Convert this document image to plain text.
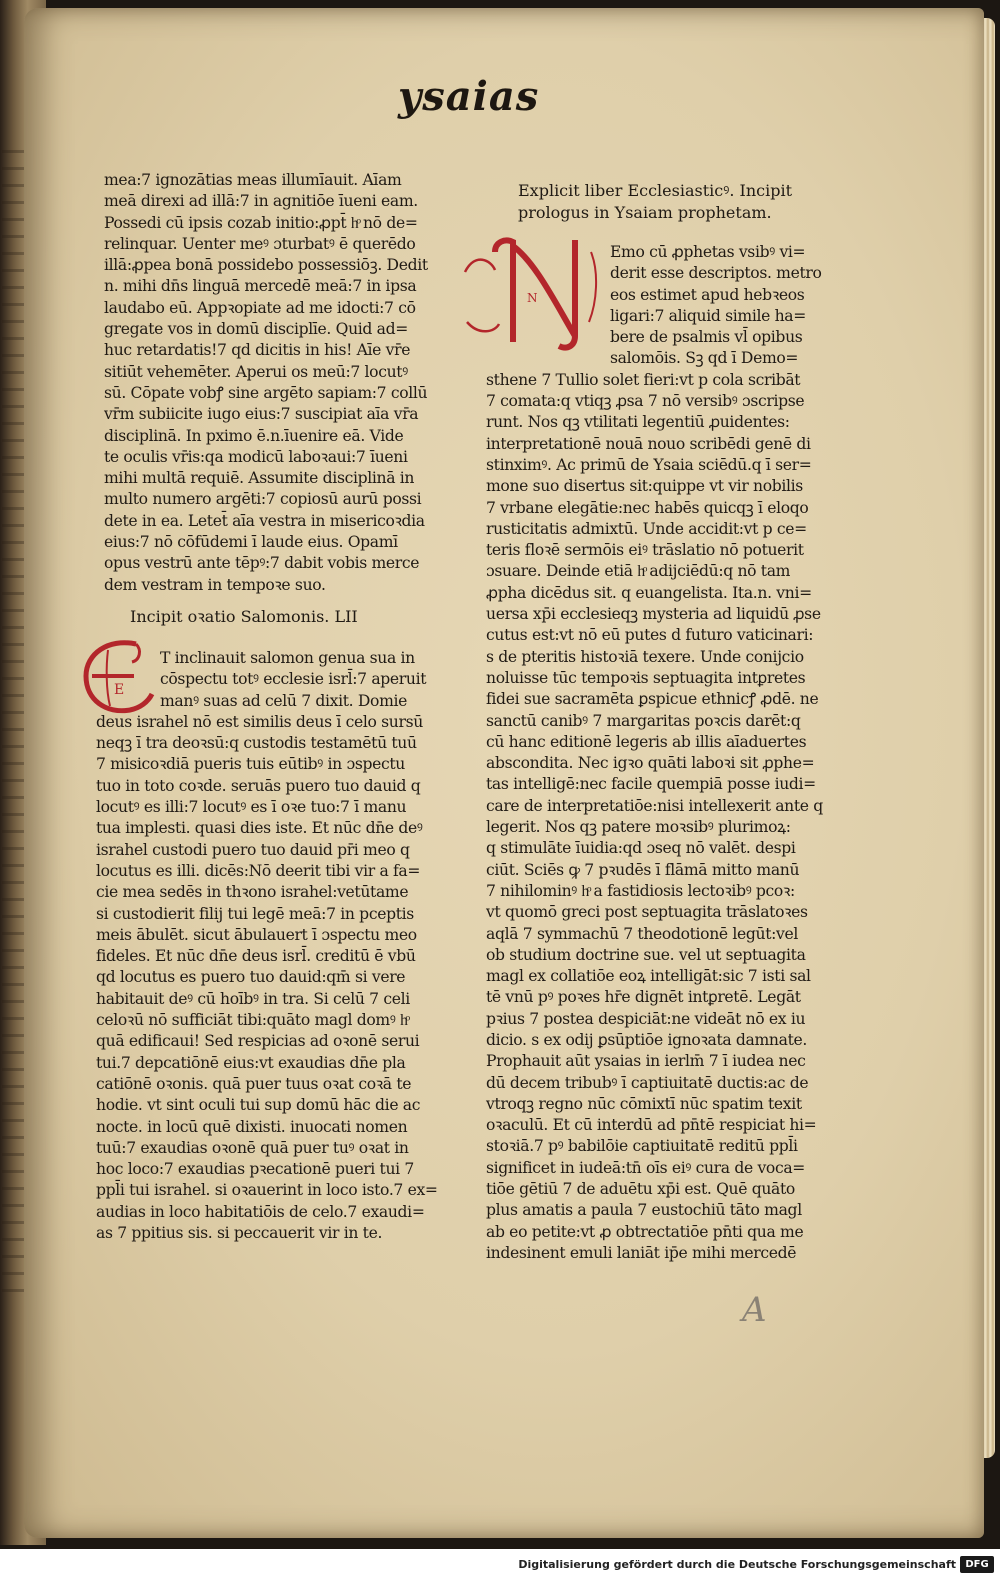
ysaias
mea:7 ignozātias meas illumīauit. Aīam
meā direxi ad illā:7 in agnitiōe īueni eam.
Possedi cū ipsis cozab initio:ꝓpt̄ hͦ nō de=
relinquar. Uenter meꝰ ɔturbatꝰ ē querēdo
illā:ꝓpea bonā possidebo possessiōꝫ. Dedit
n. mihi dn̄s linguā mercedē meā:7 in ipsa
laudabo eū. Appꝛopiate ad me idocti:7 cō
gregate vos in domū disciplīe. Quid ad=
huc retardatis!7 qd dicitis in his! Aīe vr̄e
sitiūt vehemēter. Aperui os meū:7 locutꝰ
sū. Cōpate vobꝭ sine argēto sapiam:7 collū
vr̄m subiicite iugo eius:7 suscipiat aīa vr̄a
disciplinā. In pximo ē.n.īuenire eā. Vide
te oculis vr̄is:qa modicū laboꝛaui:7 īueni
mihi multā requiē. Assumite disciplinā in
multo numero argēti:7 copiosū aurū possi
dete in ea. Letet̄ aīa vestra in misericoꝛdia
eius:7 nō cōfūdemi ī laude eius. Opamī
opus vestrū ante tēpꝰ:7 dabit vobis merce
dem vestram in tempoꝛe suo.
Incipit oꝛatio Salomonis. LII
E
T inclinauit salomon genua sua in
cōspectu totꝰ ecclesie isrl̄:7 aperuit
manꝰ suas ad celū 7 dixit. Domie
deus israhel nō est similis deus ī celo sursū
neqꝫ ī tra deoꝛsū:q custodis testamētū tuū
7 misicoꝛdiā pueris tuis eūtibꝰ in ɔspectu
tuo in toto coꝛde. seruās puero tuo dauid q
locutꝰ es illi:7 locutꝰ es ī oꝛe tuo:7 ī manu
tua implesti. quasi dies iste. Et nūc dn̄e deꝰ
israhel custodi puero tuo dauid pr̄i meo q
locutus es illi. dicēs:Nō deerit tibi vir a fa=
cie mea sedēs in thꝛono israhel:vetūtame
si custodierit filij tui legē meā:7 in pceptis
meis ābulēt. sicut ābulauert ī ɔspectu meo
fideles. Et nūc dn̄e deus isrl̄. creditū ē vbū
qd locutus es puero tuo dauid:qm̄ si vere
habitauit deꝰ cū hoībꝰ in tra. Si celū 7 celi
celoꝛū nō sufficiāt tibi:quāto magl domꝰ hͦ
quā edificaui! Sed respicias ad oꝛonē serui
tui.7 depcatiōnē eius:vt exaudias dn̄e pla
catiōnē oꝛonis. quā puer tuus oꝛat coꝛā te
hodie. vt sint oculi tui sup domū hāc die ac
nocte. in locū quē dixisti. inuocati nomen
tuū:7 exaudias oꝛonē quā puer tuꝰ oꝛat in
hoc loco:7 exaudias pꝛecationē pueri tui 7
ppl̄i tui israhel. si oꝛauerint in loco isto.7 ex=
audias in loco habitatiōis de celo.7 exaudi=
as 7 ppitius sis. si peccauerit vir in te.
Explicit liber Ecclesiasticꝰ. Incipit
prologus in Ysaiam prophetam.
N
Emo cū ꝓphetas vsibꝰ vi=
derit esse descriptos. metro
eos estimet apud hebꝛeos
ligari:7 aliquid simile ha=
bere de psalmis vl̄ opibus
salomōis. Sꝫ qd ī Demo=
sthene 7 Tullio solet fieri:vt p cola scribāt
7 comata:q vtiqꝫ ꝓsa 7 nō versibꝰ ɔscripse
runt. Nos qꝫ vtilitati legentiū ꝓuidentes:
interpretationē nouā nouo scribēdi genē di
stinximꝰ. Ac primū de Ysaia sciēdū.q ī ser=
mone suo disertus sit:quippe vt vir nobilis
7 vrbane elegātie:nec habēs quicqꝫ ī eloqo
rusticitatis admixtū. Unde accidit:vt p ce=
teris floꝛē sermōis eiꝰ trāslatio nō potuerit
ɔsuare. Deinde etiā hͦ adijciēdū:q nō tam
ꝓpha dicēdus sit. q euangelista. Ita.n. vni=
uersa xp̄i ecclesieqꝫ mysteria ad liquidū ꝓse
cutus est:vt nō eū putes d futuro vaticinari:
s de pteritis histoꝛiā texere. Unde conijcio
noluisse tūc tempoꝛis septuagita intꝑretes
fidei sue sacramēta ꝑspicue ethnicꝭ ꝓdē. ne
sanctū canibꝰ 7 margaritas poꝛcis darēt:q
cū hanc editionē legeris ab illis aīaduertes
abscondita. Nec igꝛo quāti laboꝛi sit ꝓphe=
tas intelligē:nec facile quempiā posse iudi=
care de interpretatiōe:nisi intellexerit ante q
legerit. Nos qꝫ patere moꝛsibꝰ plurimoꝝ:
q stimulāte īuidia:qd ɔseq nō valēt. despi
ciūt. Sciēs ꝙ 7 pꝛudēs ī flāmā mitto manū
7 nihilominꝰ hͦ a fastidiosis lectoꝛibꝰ pcoꝛ:
vt quomō greci post septuagita trāslatoꝛes
aqlā 7 symmachū 7 theodotionē legūt:vel
ob studium doctrine sue. vel ut septuagita
magl ex collatiōe eoꝝ intelligāt:sic 7 isti sal
tē vnū pꝰ poꝛes hr̄e dignēt intꝑretē. Legāt
pꝛius 7 postea despiciāt:ne videāt nō ex iu
dicio. s ex odij ꝑsūptiōe ignoꝛata damnate.
Prophauit aūt ysaias in ierlm̄ 7 ī iudea nec
dū decem tribubꝰ ī captiuitatē ductis:ac de
vtroqꝫ regno nūc cōmixtī nūc spatim texit
oꝛaculū. Et cū interdū ad pn̄tē respiciat hi=
stoꝛiā.7 pꝰ babilōie captiuitatē reditū ppl̄i
significet in iudeā:tn̄ oīs eiꝰ cura de voca=
tiōe gētiū 7 de aduētu xp̄i est. Quē quāto
plus amatis a paula 7 eustochiū tāto magl
ab eo petite:vt ꝓ obtrectatiōe pn̄ti qua me
indesinent emuli laniāt ip̄e mihi mercedē
A
Digitalisierung gefördert durch die Deutsche Forschungsgemeinschaft DFG
